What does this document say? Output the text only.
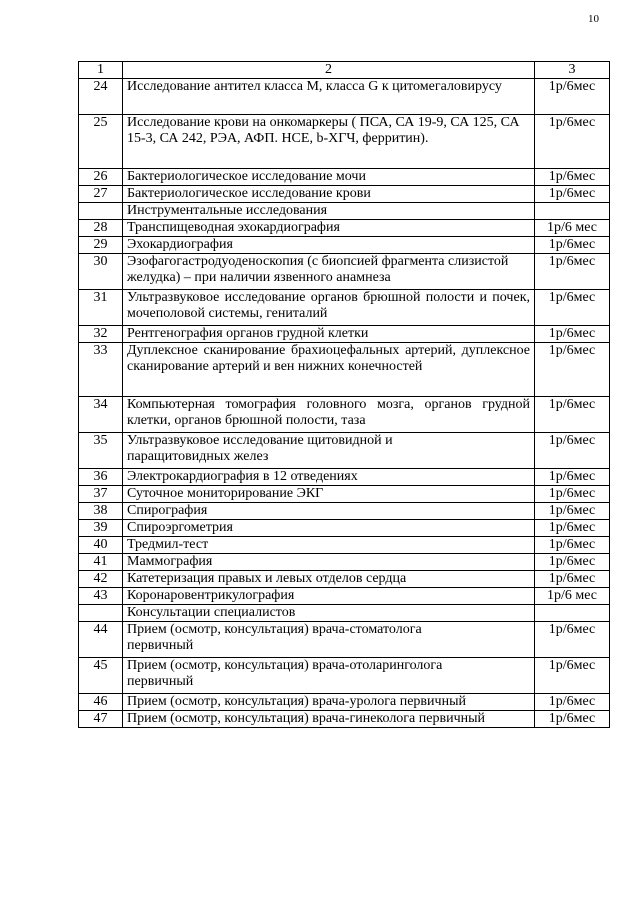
10
1	2	3
24	Исследование антител класса M, класса G к цитомегаловирусу	1р/6мес
25	Исследование крови на онкомаркеры ( ПСА, СА 19-9, СА 125, СА 15-3, СА 242, РЭА, АФП. НСЕ, b-ХГЧ, ферритин).	1р/6мес
26	Бактериологическое исследование мочи	1р/6мес
27	Бактериологическое исследование крови	1р/6мес
	Инструментальные исследования	
28	Транспищеводная эхокардиография	1р/6 мес
29	Эхокардиография	1р/6мес
30	Эзофагогастродуоденоскопия (с биопсией фрагмента слизистой желудка) – при наличии язвенного анамнеза	1р/6мес
31	Ультразвуковое исследование органов брюшной полости и почек, мочеполовой системы, гениталий	1р/6мес
32	Рентгенография органов грудной клетки	1р/6мес
33	Дуплексное сканирование брахиоцефальных артерий, дуплексное сканирование артерий и вен нижних конечностей	1р/6мес
34	Компьютерная томография головного мозга, органов грудной клетки, органов брюшной полости, таза	1р/6мес
35	Ультразвуковое исследование щитовидной и паращитовидных желез	1р/6мес
36	Электрокардиография в 12 отведениях	1р/6мес
37	Суточное мониторирование ЭКГ	1р/6мес
38	Спирография	1р/6мес
39	Спироэргометрия	1р/6мес
40	Тредмил-тест	1р/6мес
41	Маммография	1р/6мес
42	Катетеризация правых и левых отделов сердца	1р/6мес
43	Коронаровентрикулография	1р/6 мес
	Консультации специалистов	
44	Прием (осмотр, консультация) врача-стоматолога первичный	1р/6мес
45	Прием (осмотр, консультация) врача-отоларинголога первичный	1р/6мес
46	Прием (осмотр, консультация) врача-уролога первичный	1р/6мес
47	Прием (осмотр, консультация) врача-гинеколога первичный	1р/6мес
